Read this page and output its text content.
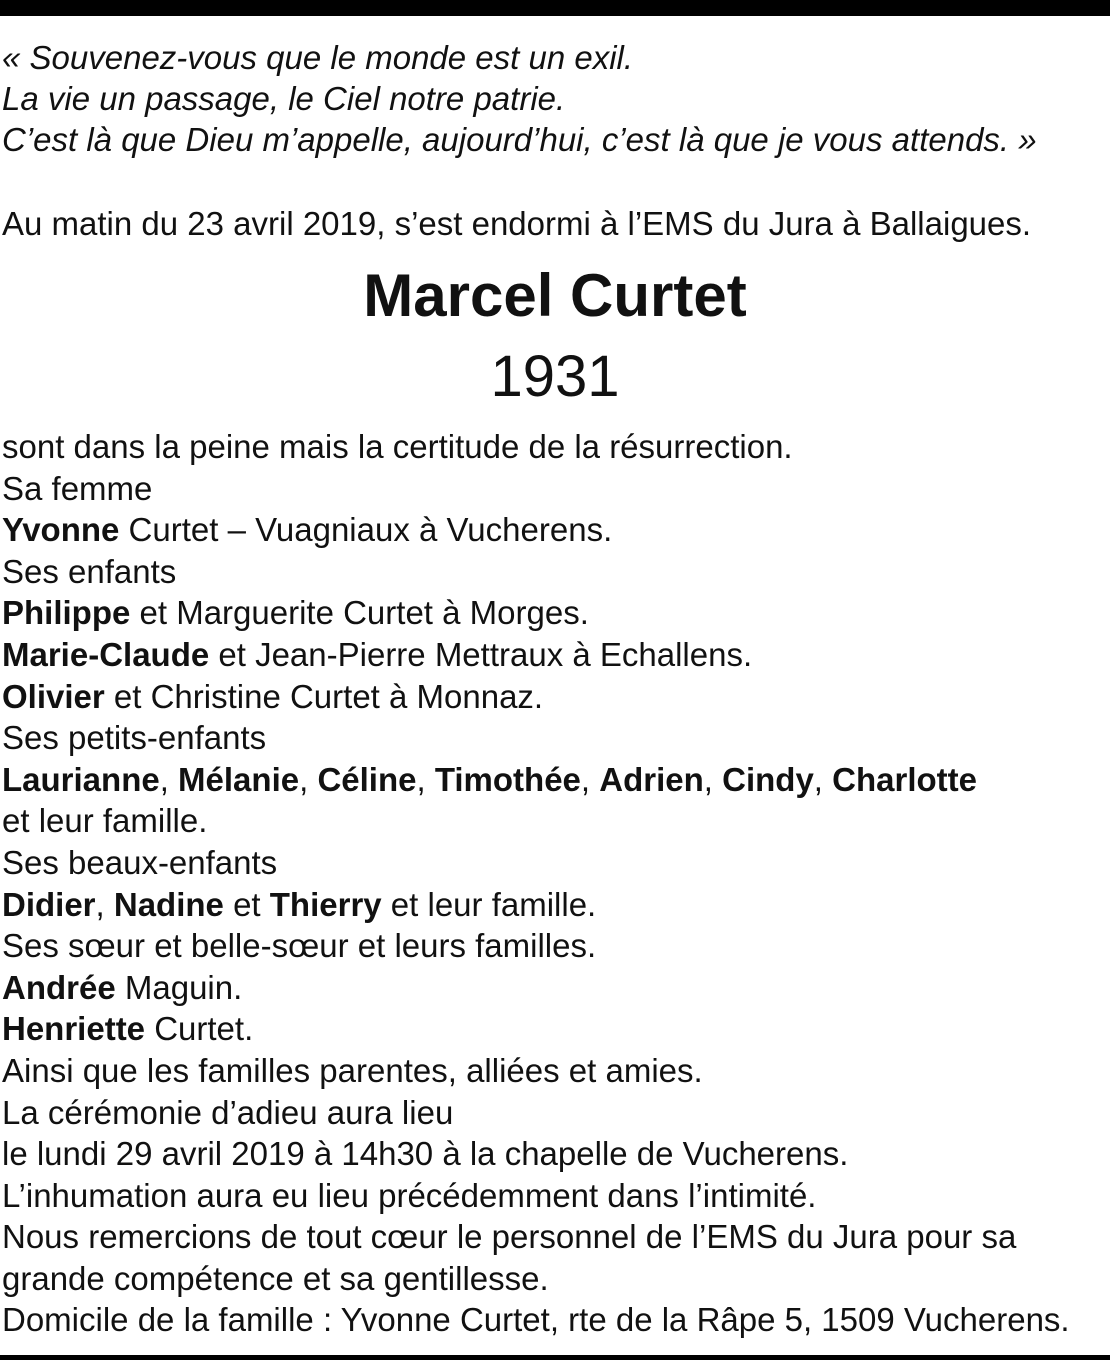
« Souvenez-vous que le monde est un exil.
La vie un passage, le Ciel notre patrie.
C’est là que Dieu m’appelle, aujourd’hui, c’est là que je vous attends. »
Au matin du 23 avril 2019, s’est endormi à l’EMS du Jura à Ballaigues.
Marcel Curtet
1931
sont dans la peine mais la certitude de la résurrection.
Sa femme
Yvonne Curtet – Vuagniaux à Vucherens.
Ses enfants
Philippe et Marguerite Curtet à Morges.
Marie-Claude et Jean-Pierre Mettraux à Echallens.
Olivier et Christine Curtet à Monnaz.
Ses petits-enfants
Laurianne, Mélanie, Céline, Timothée, Adrien, Cindy, Charlotte
et leur famille.
Ses beaux-enfants
Didier, Nadine et Thierry et leur famille.
Ses sœur et belle-sœur et leurs familles.
Andrée Maguin.
Henriette Curtet.
Ainsi que les familles parentes, alliées et amies.
La cérémonie d’adieu aura lieu
le lundi 29 avril 2019 à 14h30 à la chapelle de Vucherens.
L’inhumation aura eu lieu précédemment dans l’intimité.
Nous remercions de tout cœur le personnel de l’EMS du Jura pour sa
grande compétence et sa gentillesse.
Domicile de la famille : Yvonne Curtet, rte de la Râpe 5, 1509 Vucherens.
